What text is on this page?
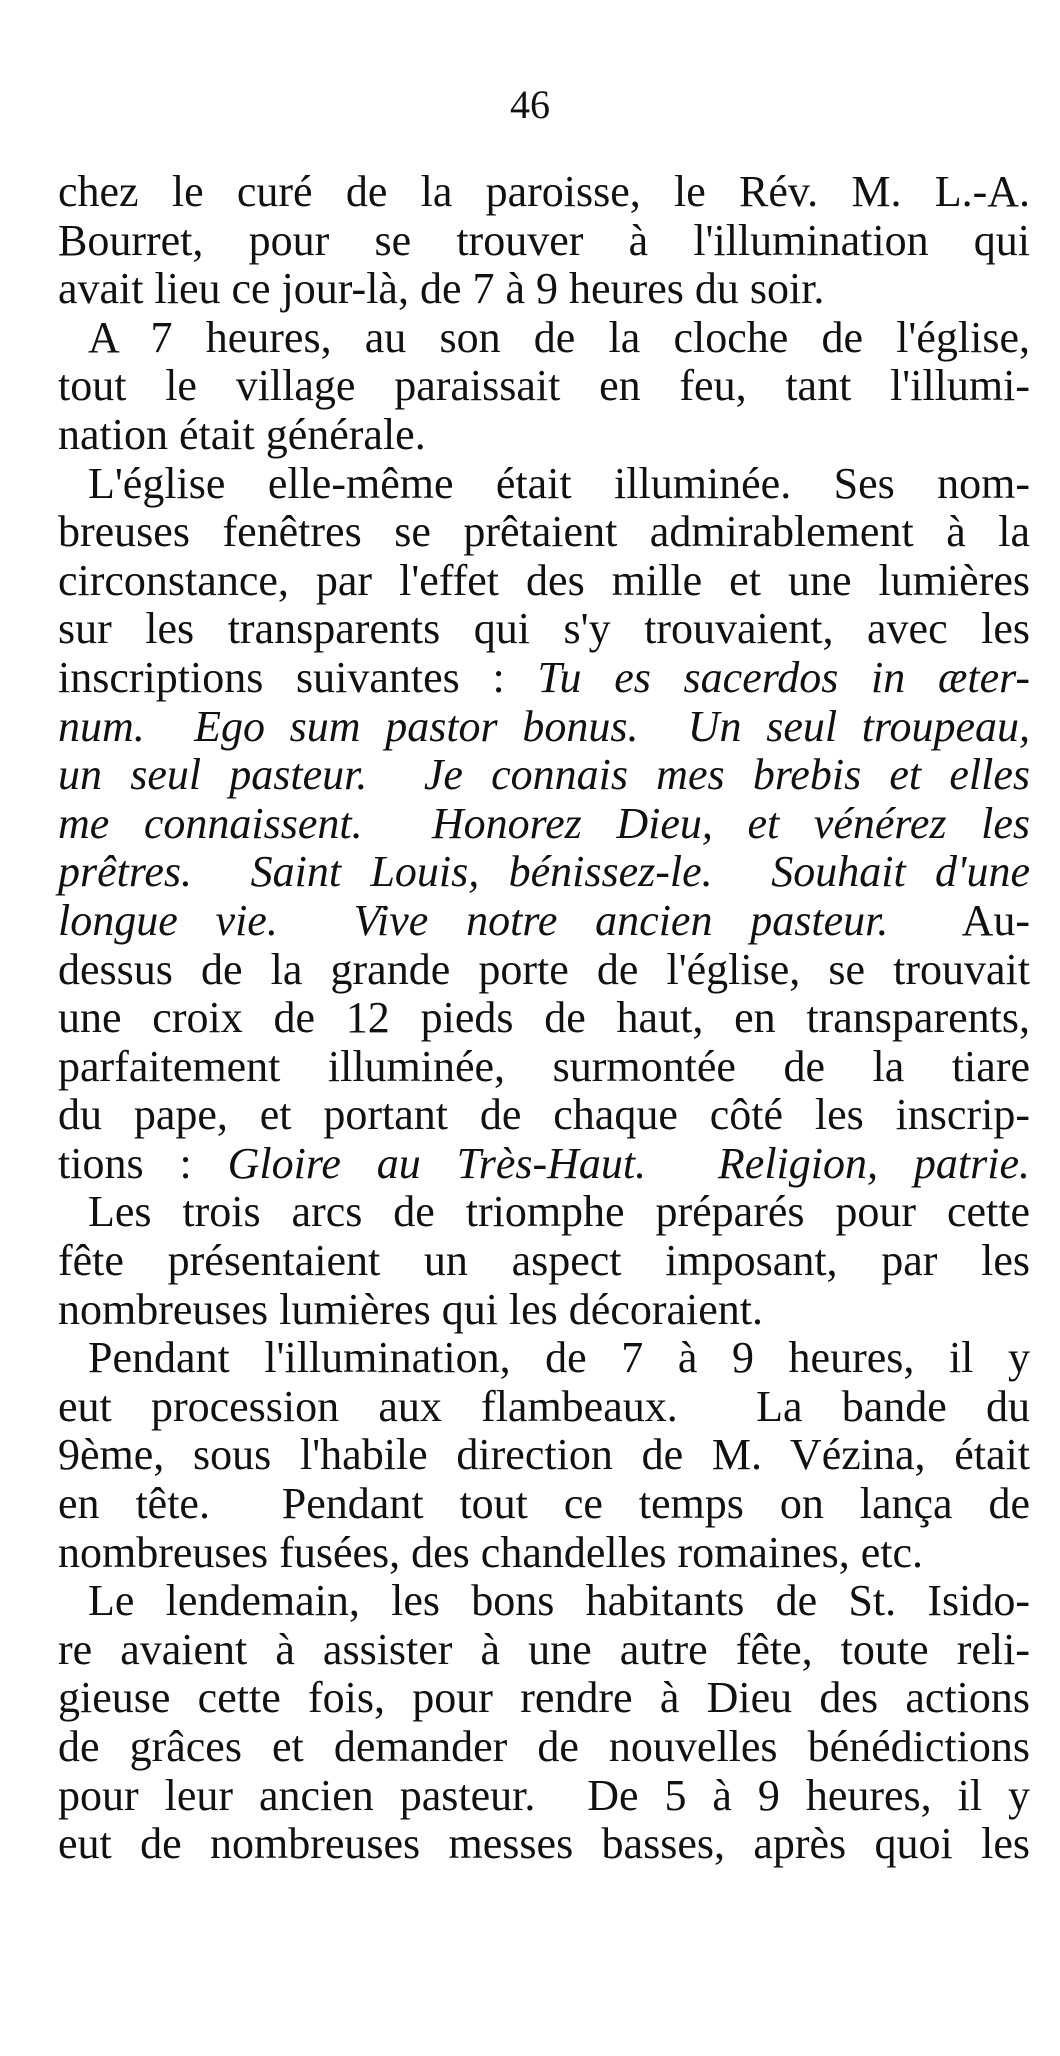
46
chez le curé de la paroisse, le Rév. M. L.-A.
Bourret, pour se trouver à l'illumination qui
avait lieu ce jour-là, de 7 à 9 heures du soir.
A 7 heures, au son de la cloche de l'église,
tout le village paraissait en feu, tant l'illumi-
nation était générale.
L'église elle-même était illuminée. Ses nom-
breuses fenêtres se prêtaient admirablement à la
circonstance, par l'effet des mille et une lumières
sur les transparents qui s'y trouvaient, avec les
inscriptions suivantes : Tu es sacerdos in æter-
num.  Ego sum pastor bonus.  Un seul troupeau,
un seul pasteur.  Je connais mes brebis et elles
me connaissent.  Honorez Dieu, et vénérez les
prêtres.  Saint Louis, bénissez-le.  Souhait d'une
longue vie.  Vive notre ancien pasteur.  Au-
dessus de la grande porte de l'église, se trouvait
une croix de 12 pieds de haut, en transparents,
parfaitement illuminée, surmontée de la tiare
du pape, et portant de chaque côté les inscrip-
tions : Gloire au Très-Haut.  Religion, patrie.
Les trois arcs de triomphe préparés pour cette
fête présentaient un aspect imposant, par les
nombreuses lumières qui les décoraient.
Pendant l'illumination, de 7 à 9 heures, il y
eut procession aux flambeaux.  La bande du
9ème, sous l'habile direction de M. Vézina, était
en tête.  Pendant tout ce temps on lança de
nombreuses fusées, des chandelles romaines, etc.
Le lendemain, les bons habitants de St. Isido-
re avaient à assister à une autre fête, toute reli-
gieuse cette fois, pour rendre à Dieu des actions
de grâces et demander de nouvelles bénédictions
pour leur ancien pasteur.  De 5 à 9 heures, il y
eut de nombreuses messes basses, après quoi les
